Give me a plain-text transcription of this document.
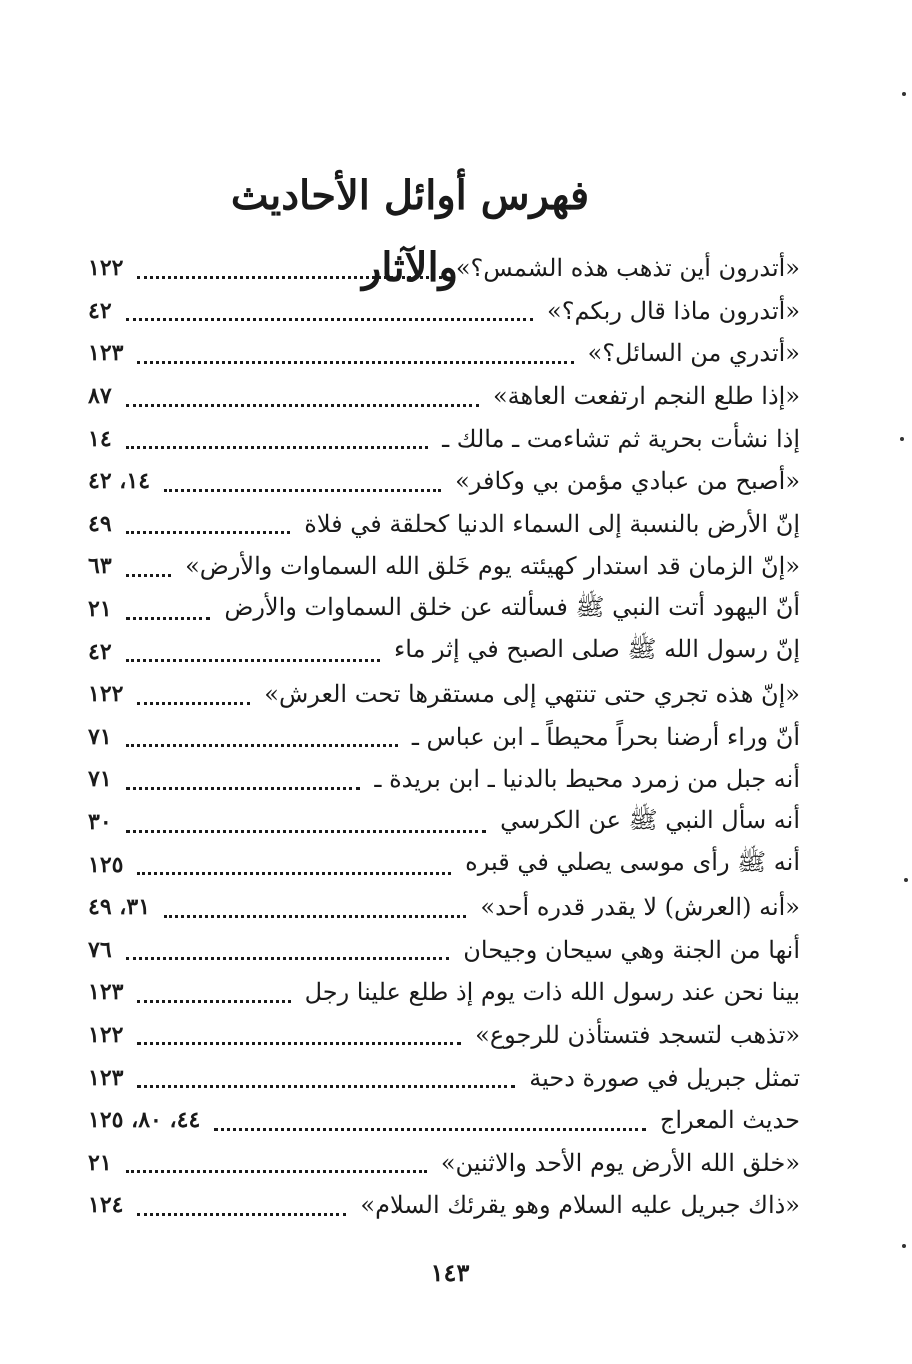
فهرس أوائل الأحاديث والآثار
«أتدرون أين تذهب هذه الشمس؟»
١٢٢
«أتدرون ماذا قال ربكم؟»
٤٢
«أتدري من السائل؟»
١٢٣
«إذا طلع النجم ارتفعت العاهة»
٨٧
إذا نشأت بحرية ثم تشاءمت ـ مالك ـ
١٤
«أصبح من عبادي مؤمن بي وكافر»
١٤، ٤٢
إنّ الأرض بالنسبة إلى السماء الدنيا كحلقة في فلاة
٤٩
«إنّ الزمان قد استدار كهيئته يوم خَلق الله السماوات والأرض»
٦٣
أنّ اليهود أتت النبي ﷺ فسألته عن خلق السماوات والأرض
٢١
إنّ رسول الله ﷺ صلى الصبح في إثر ماء
٤٢
«إنّ هذه تجري حتى تنتهي إلى مستقرها تحت العرش»
١٢٢
أنّ وراء أرضنا بحراً محيطاً ـ ابن عباس ـ
٧١
أنه جبل من زمرد محيط بالدنيا ـ ابن بريدة ـ
٧١
أنه سأل النبي ﷺ عن الكرسي
٣٠
أنه ﷺ رأى موسى يصلي في قبره
١٢٥
«أنه (العرش) لا يقدر قدره أحد»
٣١، ٤٩
أنها من الجنة وهي سيحان وجيحان
٧٦
بينا نحن عند رسول الله ذات يوم إذ طلع علينا رجل
١٢٣
«تذهب لتسجد فتستأذن للرجوع»
١٢٢
تمثل جبريل في صورة دحية
١٢٣
حديث المعراج
٤٤، ٨٠، ١٢٥
«خلق الله الأرض يوم الأحد والاثنين»
٢١
«ذاك جبريل عليه السلام وهو يقرئك السلام»
١٢٤
١٤٣
